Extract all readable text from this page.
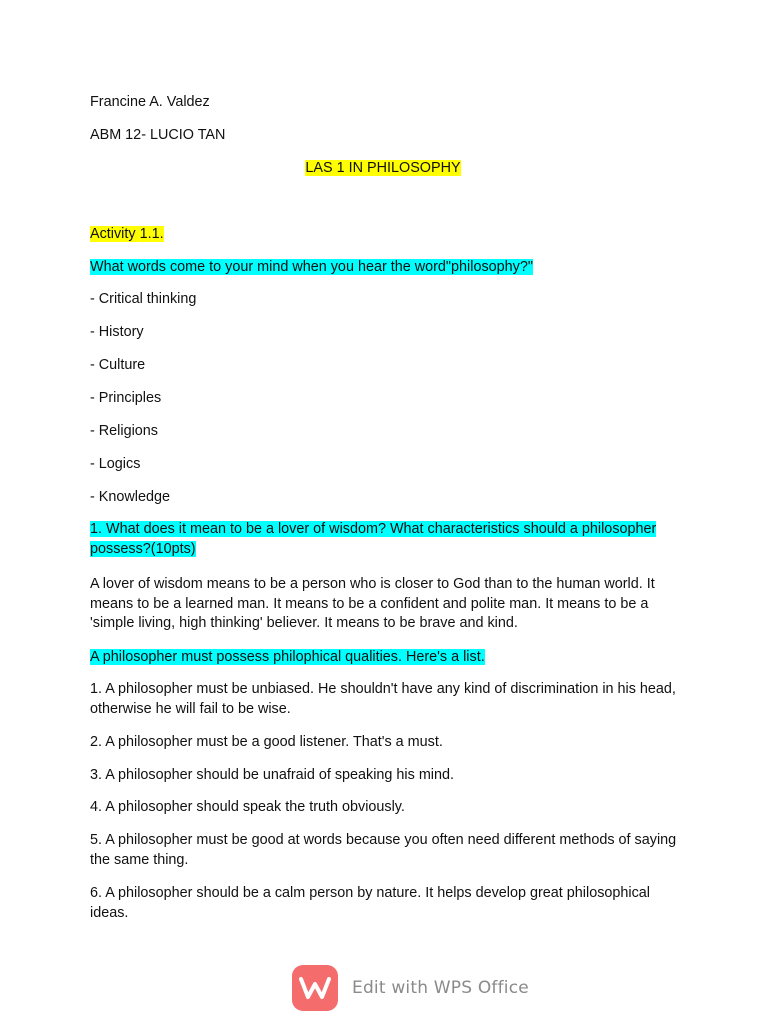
Francine A. Valdez
ABM 12- LUCIO TAN
LAS 1 IN PHILOSOPHY
Activity 1.1.
What words come to your mind when you hear the word"philosophy?"
- Critical thinking
- History
- Culture
- Principles
- Religions
- Logics
- Knowledge
1. What does it mean to be a lover of wisdom? What characteristics should a philosopher possess?(10pts)
A lover of wisdom means to be a person who is closer to God than to the human world. It means to be a learned man. It means to be a confident and polite man. It means to be a 'simple living, high thinking' believer. It means to be brave and kind.
A philosopher must possess philophical qualities. Here's a list.
1. A philosopher must be unbiased. He shouldn't have any kind of discrimination in his head, otherwise he will fail to be wise.
2. A philosopher must be a good listener. That's a must.
3. A philosopher should be unafraid of speaking his mind.
4. A philosopher should speak the truth obviously.
5. A philosopher must be good at words because you often need different methods of saying the same thing.
6. A philosopher should be a calm person by nature. It helps develop great philosophical ideas.
Edit with WPS Office
